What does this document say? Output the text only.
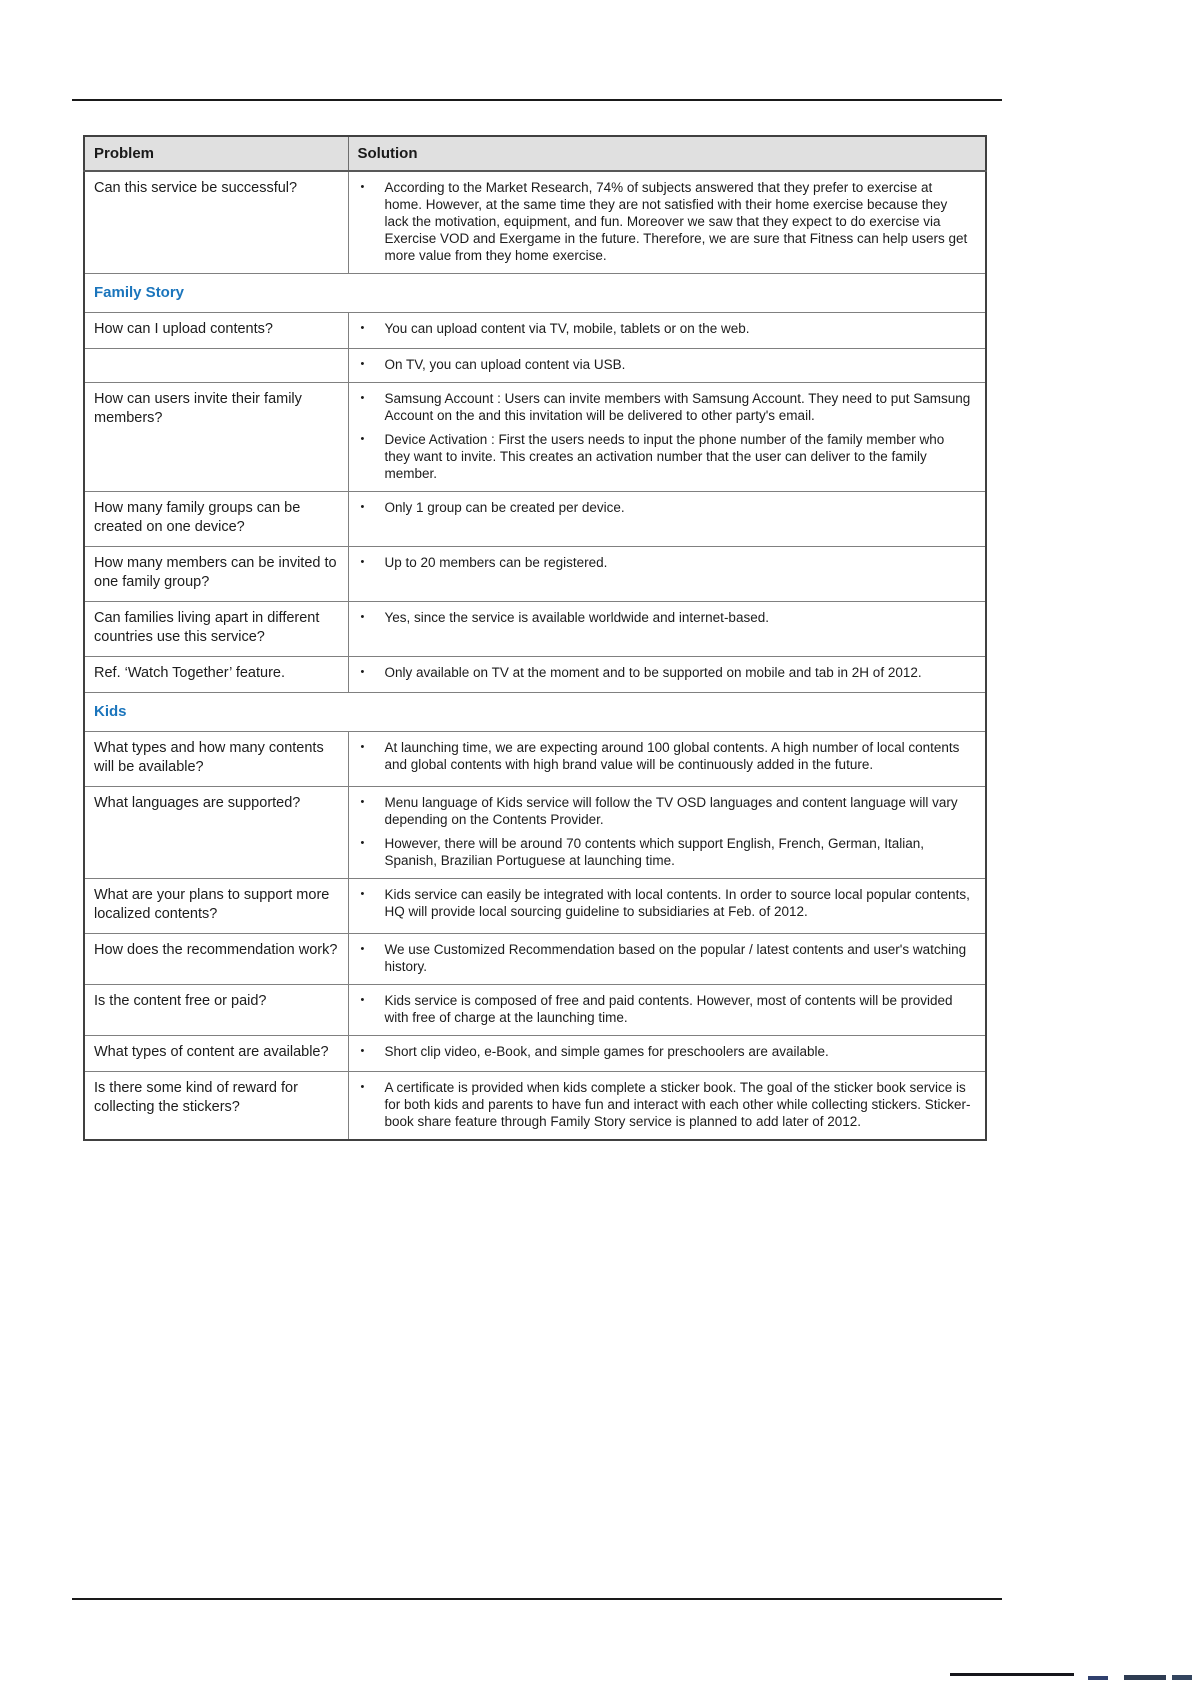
Problem	Solution
Can this service be successful?	• According to the Market Research, 74% of subjects answered that they prefer to exercise at home. However, at the same time they are not satisfied with their home exercise because they lack the motivation, equipment, and fun. Moreover we saw that they expect to do exercise via Exercise VOD and Exergame in the future. Therefore, we are sure that Fitness can help users get more value from they home exercise.

Family Story	
How can I upload contents?	• You can upload content via TV, mobile, tablets or on the web.

	• On TV, you can upload content via USB.

How can users invite their family members?	• Samsung Account : Users can invite members with Samsung Account. They need to put Samsung Account on the and this invitation will be delivered to other party's email.
• Device Activation : First the users needs to input the phone number of the family member who they want to invite. This creates an activation number that the user can deliver to the family member.

How many family groups can be created on one device?	• Only 1 group can be created per device.

How many members can be invited to one family group?	• Up to 20 members can be registered.

Can families living apart in different countries use this service?	• Yes, since the service is available worldwide and internet-based.

Ref. ‘Watch Together’ feature.	• Only available on TV at the moment and to be supported on mobile and tab in 2H of 2012.

Kids	
What types and how many contents will be available?	• At launching time, we are expecting around 100 global contents. A high number of local contents and global contents with high brand value will be continuously added in the future.

What languages are supported?	• Menu language of Kids service will follow the TV OSD languages and content language will vary depending on the Contents Provider.
• However, there will be around 70 contents which support English, French, German, Italian, Spanish, Brazilian Portuguese at launching time.

What are your plans to support more localized contents?	• Kids service can easily be integrated with local contents. In order to source local popular contents, HQ will provide local sourcing guideline to subsidiaries at Feb. of 2012.

How does the recommendation work?	• We use Customized Recommendation based on the popular / latest contents and user's watching history.

Is the content free or paid?	• Kids service is composed of free and paid contents. However, most of contents will be provided with free of charge at the launching time.

What types of content are available?	• Short clip video, e-Book, and simple games for preschoolers are available.

Is there some kind of reward for collecting the stickers?	• A certificate is provided when kids complete a sticker book. The goal of the sticker book service is for both kids and parents to have fun and interact with each other while collecting stickers. Sticker-book share feature through Family Story service is planned to add later of 2012.
